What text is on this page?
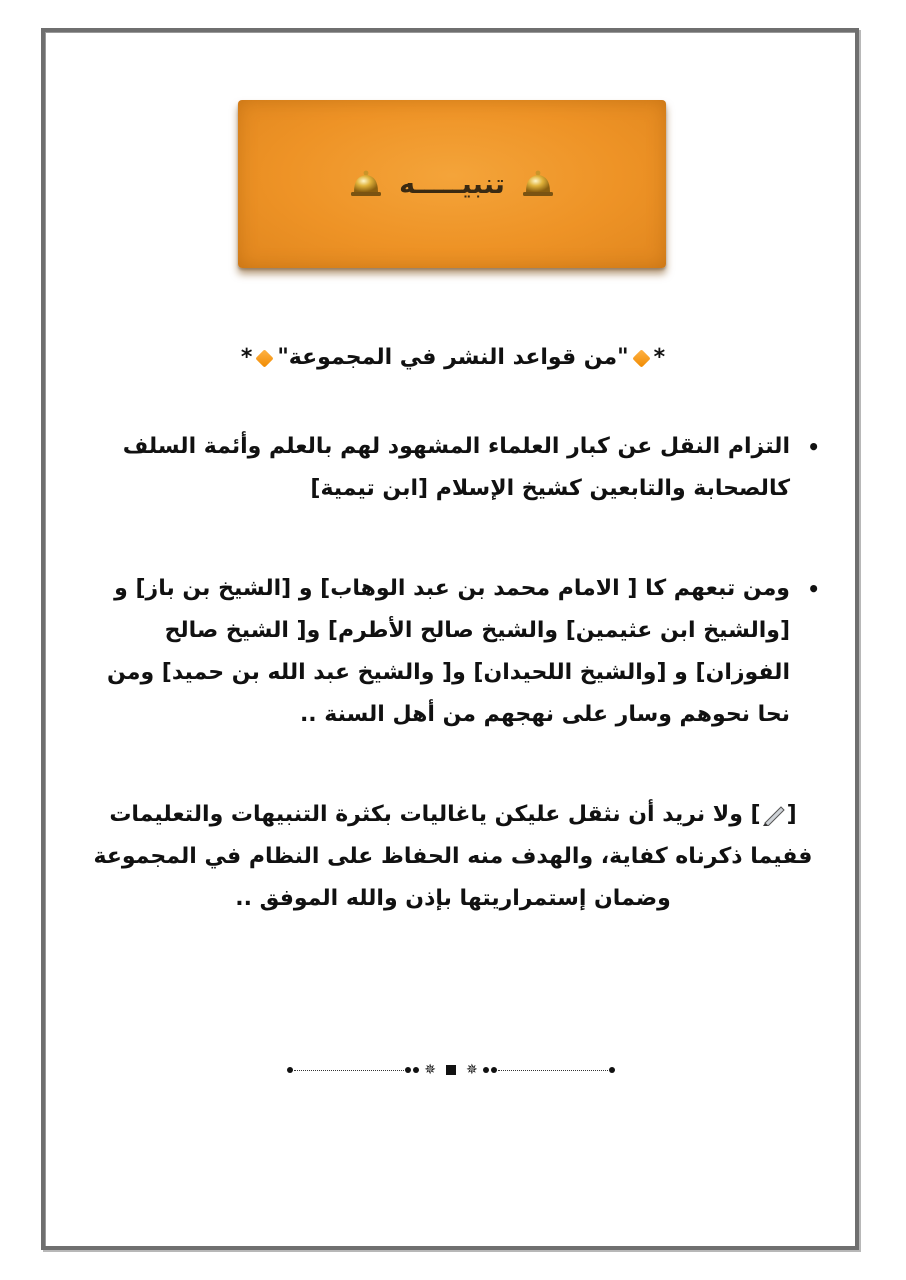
تنبيـــــه
*"من قواعد النشر في المجموعة"*
•
التزام النقل عن كبار العلماء المشهود لهم بالعلم وأئمة السلف كالصحابة والتابعين كشيخ الإسلام [ابن تيمية]
•
ومن تبعهم كا [ الامام محمد بن عبد الوهاب] و [الشيخ بن باز] و [والشيخ ابن عثيمين] والشيخ صالح الأطرم] و[ الشيخ صالح الفوزان] و [والشيخ اللحيدان] و[ والشيخ عبد الله بن حميد] ومن نحا نحوهم وسار على نهجهم من أهل السنة ..
[] ولا نريد أن نثقل عليكن ياغاليات بكثرة التنبيهات والتعليمات ففيما ذكرناه كفاية، والهدف منه الحفاظ على النظام في المجموعة وضمان إستمراريتها بإذن والله الموفق ..
✵ ✵
